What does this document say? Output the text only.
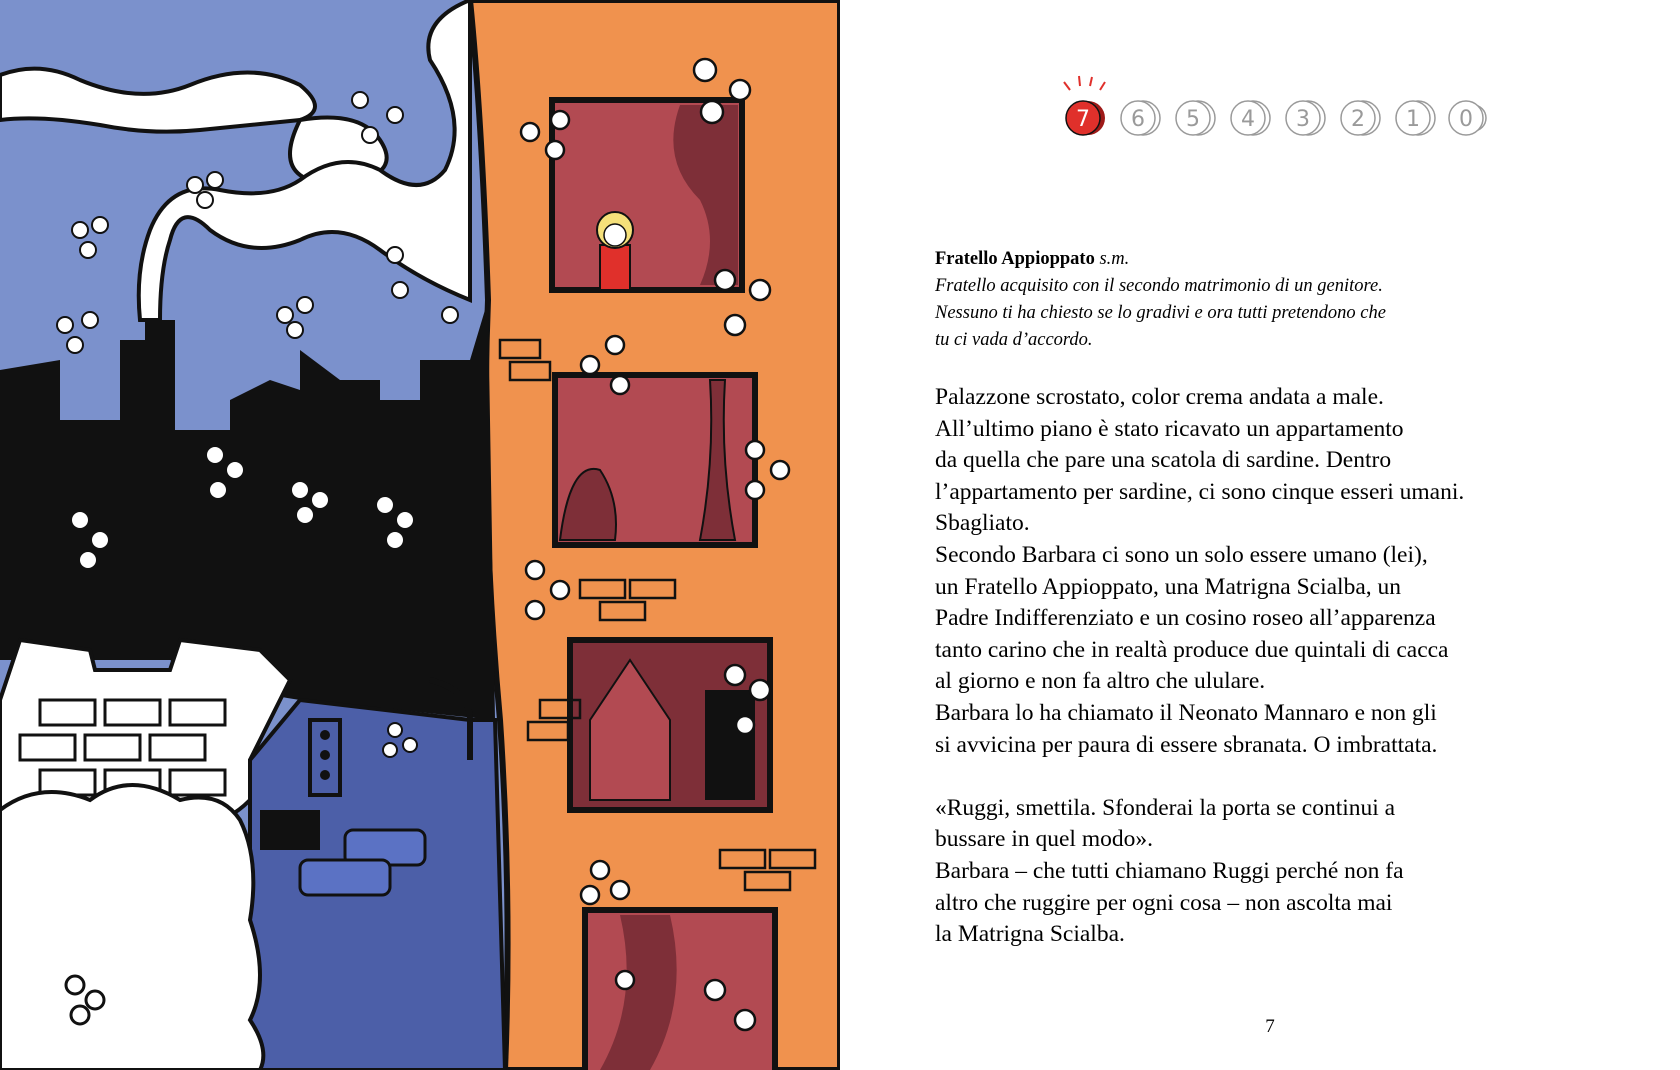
7 6 5 4 3 2 1 0
Fratello Appioppato s.m.
Fratello acquisito con il secondo matrimonio di un genitore.
Nessuno ti ha chiesto se lo gradivi e ora tutti pretendono che
tu ci vada d’accordo.

Palazzone scrostato, color crema andata a male.
All’ultimo piano è stato ricavato un appartamento
da quella che pare una scatola di sardine. Dentro
l’appartamento per sardine, ci sono cinque esseri umani.
Sbagliato.
Secondo Barbara ci sono un solo essere umano (lei),
un Fratello Appioppato, una Matrigna Scialba, un
Padre Indifferenziato e un cosino roseo all’apparenza
tanto carino che in realtà produce due quintali di cacca
al giorno e non fa altro che ululare.
Barbara lo ha chiamato il Neonato Mannaro e non gli
si avvicina per paura di essere sbranata. O imbrattata.

«Ruggi, smettila. Sfonderai la porta se continui a
bussare in quel modo».
Barbara – che tutti chiamano Ruggi perché non fa
altro che ruggire per ogni cosa – non ascolta mai
la Matrigna Scialba.

7
